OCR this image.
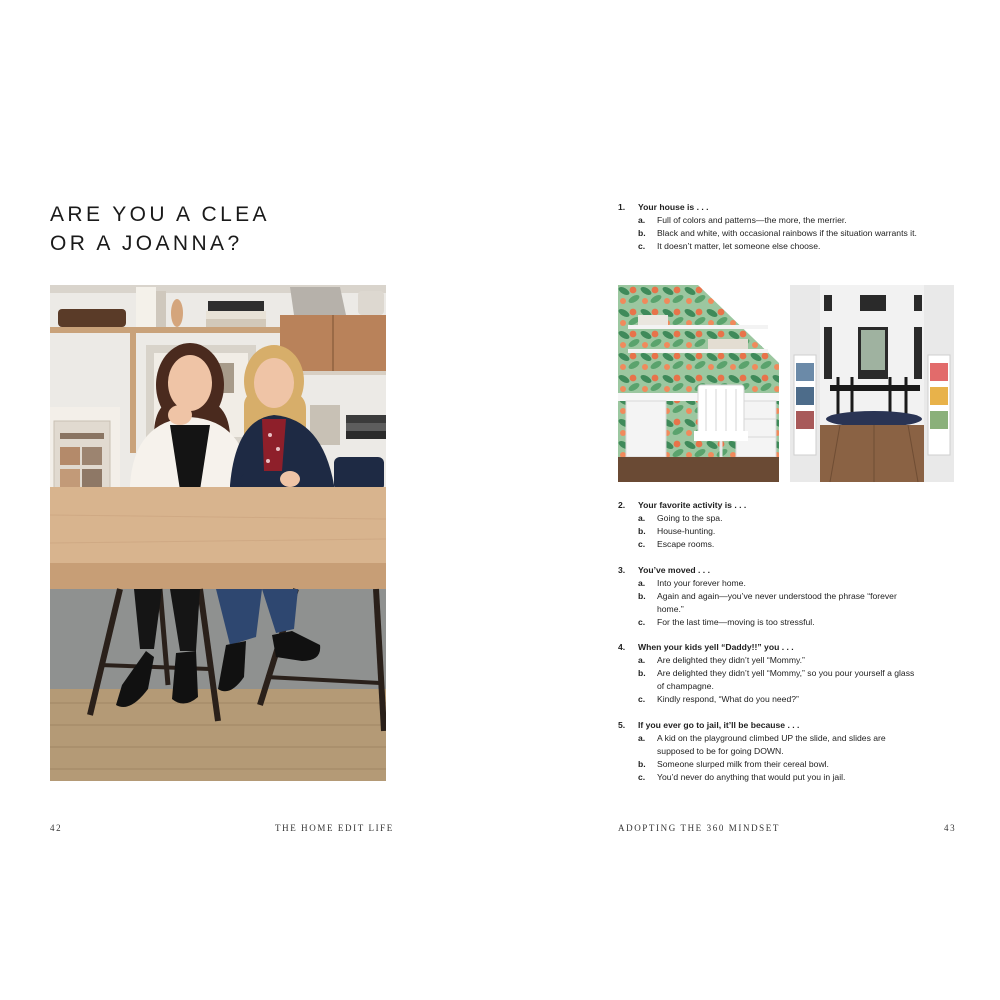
ARE YOU A CLEA
OR A JOANNA?
42	THE HOME EDIT LIFE
1. Your house is . . .
a. Full of colors and patterns—the more, the merrier.
b. Black and white, with occasional rainbows if the situation warrants it.
c. It doesn’t matter, let someone else choose.
2. Your favorite activity is . . .
a. Going to the spa.
b. House-hunting.
c. Escape rooms.
3. You’ve moved . . .
a. Into your forever home.
b. Again and again—you’ve never understood the phrase “forever home.”
c. For the last time—moving is too stressful.
4. When your kids yell “Daddy!!” you . . .
a. Are delighted they didn’t yell “Mommy.”
b. Are delighted they didn’t yell “Mommy,” so you pour yourself a glass of champagne.
c. Kindly respond, “What do you need?”
5. If you ever go to jail, it’ll be because . . .
a. A kid on the playground climbed UP the slide, and slides are supposed to be for going DOWN.
b. Someone slurped milk from their cereal bowl.
c. You’d never do anything that would put you in jail.
ADOPTING THE 360 MINDSET	43
